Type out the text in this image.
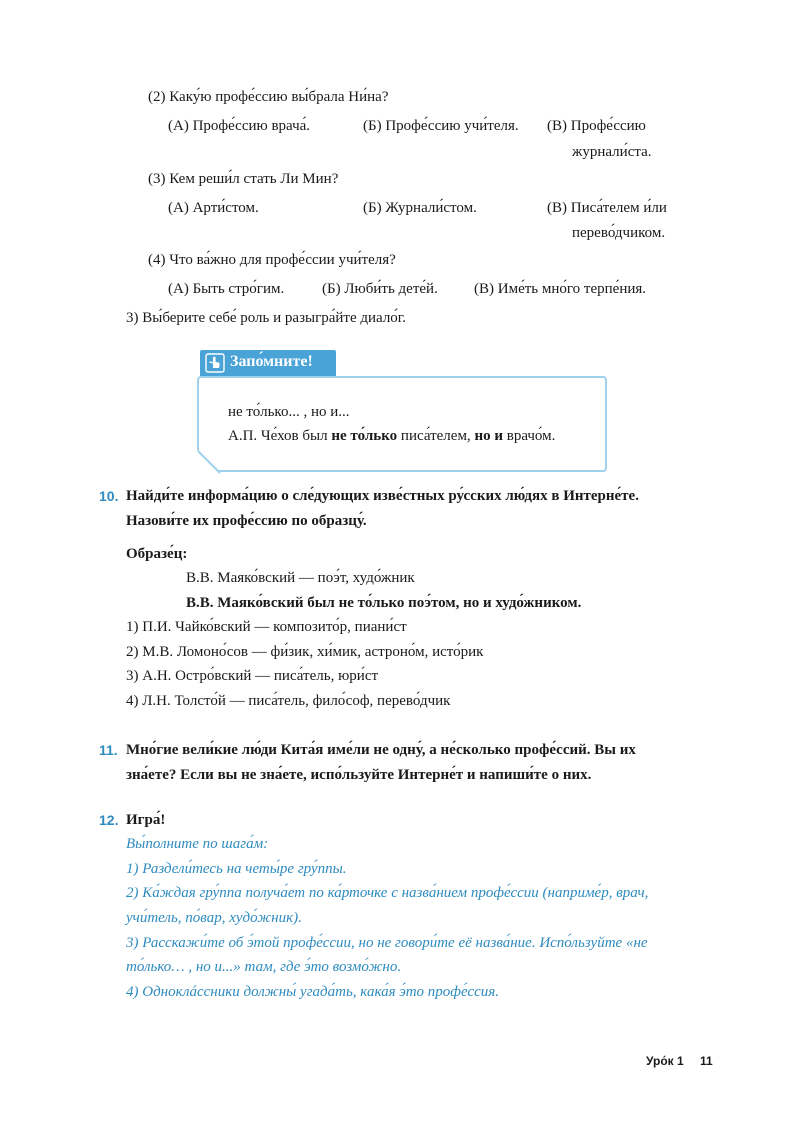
(2) Каку́ю профе́ссию вы́брала Ни́на?
(А) Профе́ссию врача́.	(Б) Профе́ссию учи́теля. (В) Профе́ссию
журнали́ста.
(3) Кем реши́л стать Ли Мин?
(А) Арти́стом.	(Б) Журнали́стом.	(В) Писа́телем и́ли
перево́дчиком.
(4) Что ва́жно для профе́ссии учи́теля?
(А) Быть стро́гим.	(Б) Люби́ть дете́й. (В) Име́ть мно́го терпе́ния.
3) Вы́берите себе́ роль и разыгра́йте диало́г.
Запо́мните!
не то́лько... , но и...
А.П. Че́хов был не то́лько писа́телем, но и врачо́м.
10. Найди́те информа́цию о сле́дующих изве́стных ру́сских лю́дях в Интерне́те.
Назови́те их профе́ссию по образцу́.
Образе́ц:
В.В. Маяко́вский — поэ́т, худо́жник
В.В. Маяко́вский был не то́лько поэ́том, но и худо́жником.
1) П.И. Чайко́вский — композито́р, пиани́ст
2) М.В. Ломоно́сов — фи́зик, хи́мик, астроно́м, исто́рик
3) А.Н. Остро́вский — писа́тель, юри́ст
4) Л.Н. Толсто́й — писа́тель, фило́соф, перево́дчик
11. Мно́гие вели́кие лю́ди Кита́я име́ли не одну́, а не́сколько профе́ссий. Вы их
зна́ете? Если вы не зна́ете, испо́льзуйте Интерне́т и напиши́те о них.
12. Игра́!
Вы́полните по шага́м:
1) Раздели́тесь на четы́ре гру́ппы.
2) Ка́ждая гру́ппа получа́ет по ка́рточке с назва́нием профе́ссии (наприме́р, врач,
учи́тель, по́вар, худо́жник).
3) Расскажи́те об э́той профе́ссии, но не говори́те её назва́ние. Испо́льзуйте «не
то́лько… , но и...» там, где э́то возмо́жно.
4) Одноклáссники должны́ угада́ть, кака́я э́то профе́ссия.
Уро́к 1 11
